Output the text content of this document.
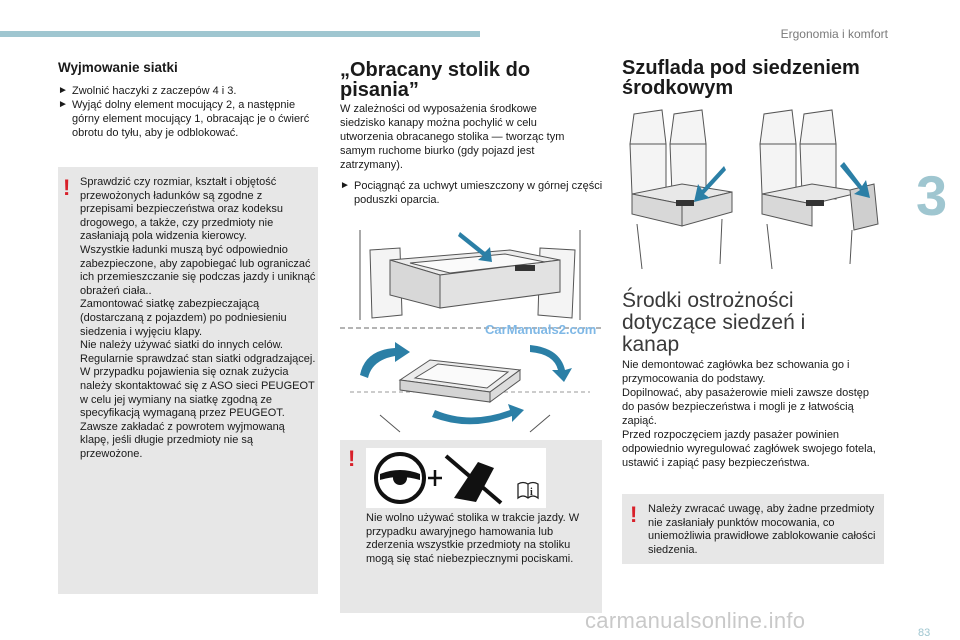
Ergonomia i komfort
3
Wyjmowanie siatki
► Zwolnić haczyki z zaczepów 4 i 3.
► Wyjąć dolny element mocujący 2, a następnie górny element mocujący 1, obracając je o ćwierć obrotu do tyłu, aby je odblokować.
! Sprawdzić czy rozmiar, kształt i objętość przewożonych ładunków są zgodne z przepisami bezpieczeństwa oraz kodeksu drogowego, a także, czy przedmioty nie zasłaniają pola widzenia kierowcy.
Wszystkie ładunki muszą być odpowiednio zabezpieczone, aby zapobiegać lub ograniczać ich przemieszczanie się podczas jazdy i uniknąć obrażeń ciała..
Zamontować siatkę zabezpieczającą (dostarczaną z pojazdem) po podniesieniu siedzenia i wyjęciu klapy.
Nie należy używać siatki do innych celów.
Regularnie sprawdzać stan siatki odgradzającej. W przypadku pojawienia się oznak zużycia należy skontaktować się z ASO sieci PEUGEOT w celu jej wymiany na siatkę zgodną ze specyfikacją wymaganą przez PEUGEOT.
Zawsze zakładać z powrotem wyjmowaną klapę, jeśli długie przedmioty nie są przewożone.

„Obracany stolik do pisania”

W zależności od wyposażenia środkowe siedzisko kanapy można pochylić w celu utworzenia obracanego stolika — tworząc tym samym ruchome biurko (gdy pojazd jest zatrzymany).

► Pociągnąć za uchwyt umieszczony w górnej części poduszki oparcia.
CarManuals2.com
!
i

Nie wolno używać stolika w trakcie jazdy. W przypadku awaryjnego hamowania lub zderzenia wszystkie przedmioty na stoliku mogą się stać niebezpiecznymi pociskami.

Szuflada pod siedzeniem środkowym
Środki ostrożności dotyczące siedzeń i kanap

Nie demontować zagłówka bez schowania go i przymocowania do podstawy.
Dopilnować, aby pasażerowie mieli zawsze dostęp do pasów bezpieczeństwa i mogli je z łatwością zapiąć.
Przed rozpoczęciem jazdy pasażer powinien odpowiednio wyregulować zagłówek swojego fotela, ustawić i zapiąć pasy bezpieczeństwa.

! Należy zwracać uwagę, aby żadne przedmioty nie zasłaniały punktów mocowania, co uniemożliwia prawidłowe zablokowanie całości siedzenia.

carmanualsonline.info	83
